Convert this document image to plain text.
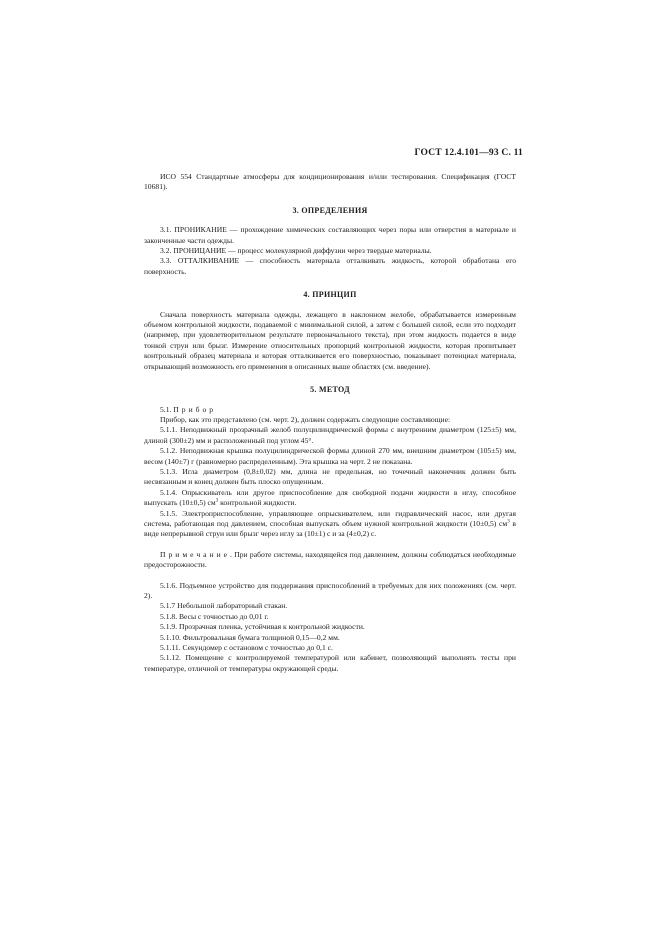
ГОСТ 12.4.101—93 С. 11

ИСО 554 Стандартные атмосферы для кондиционирования и/или тестирования. Спецификация (ГОСТ 10681).

3. ОПРЕДЕЛЕНИЯ

3.1. ПРОНИКАНИЕ — прохождение химических составляющих через поры или отверстия в материале и законченные части одежды.

3.2. ПРОНИЦАНИЕ — процесс молекулярной диффузии через твердые материалы.

3.3. ОТТАЛКИВАНИЕ — способность материала отталкивать жидкость, которой обработана его поверхность.

4. ПРИНЦИП

Сначала поверхность материала одежды, лежащего в наклонном желобе, обрабатывается измеренным объемом контрольной жидкости, подаваемой с минимальной силой, а затем с большей силой, если это подходит (например, при удовлетворительном результате первоначального текста), при этом жидкость подается в виде тонкой струи или брызг. Измерение относительных пропорций контрольной жидкости, которая пропитывает контрольный образец материала и которая отталкивается его поверхностью, показывает потенциал материала, открывающий возможность его применения в описанных выше областях (см. введение).

5. МЕТОД

5.1. Прибор

Прибор, как это представлено (см. черт. 2), должен содержать следующие составляющие:

5.1.1. Неподвижный прозрачный желоб полуцилиндрической формы с внутренним диаметром (125±5) мм, длиной (300±2) мм и расположенный под углом 45°.

5.1.2. Неподвижная крышка полуцилиндрической формы длиной 270 мм, внешним диаметром (105±5) мм, весом (140±7) г (равномерно распределенным). Эта крышка на черт. 2 не показана.

5.1.3. Игла диаметром (0,8±0,02) мм, длина не предельная, но точечный наконечник должен быть несвязанным и конец должен быть плоско опущенным.

5.1.4. Опрыскиватель или другое приспособление для свободной подачи жидкости в иглу, способное выпускать (10±0,5) $см^3$ контрольной жидкости.

5.1.5. Электроприспособление, управляющее опрыскивателем, или гидравлический насос, или другая система, работающая под давлением, способная выпускать объем нужной контрольной жидкости (10±0,5) $см^3$ в виде непрерывной струи или брызг через иглу за (10±1) с и за (4±0,2) с.

Примечание. При работе системы, находящейся под давлением, должны соблюдаться необходимые предосторожности.

5.1.6. Подъемное устройство для поддержания приспособлений в требуемых для них положениях (см. черт. 2).

5.1.7 Небольшой лабораторный стакан.

5.1.8. Весы с точностью до 0,01 г.

5.1.9. Прозрачная пленка, устойчивая к контрольной жидкости.

5.1.10. Фильтровальная бумага толщиной 0,15—0,2 мм.

5.1.11. Секундомер с остановом с точностью до 0,1 с.

5.1.12. Помещение с контролируемой температурой или кабинет, позволяющий выполнять тесты при температуре, отличной от температуры окружающей среды.
